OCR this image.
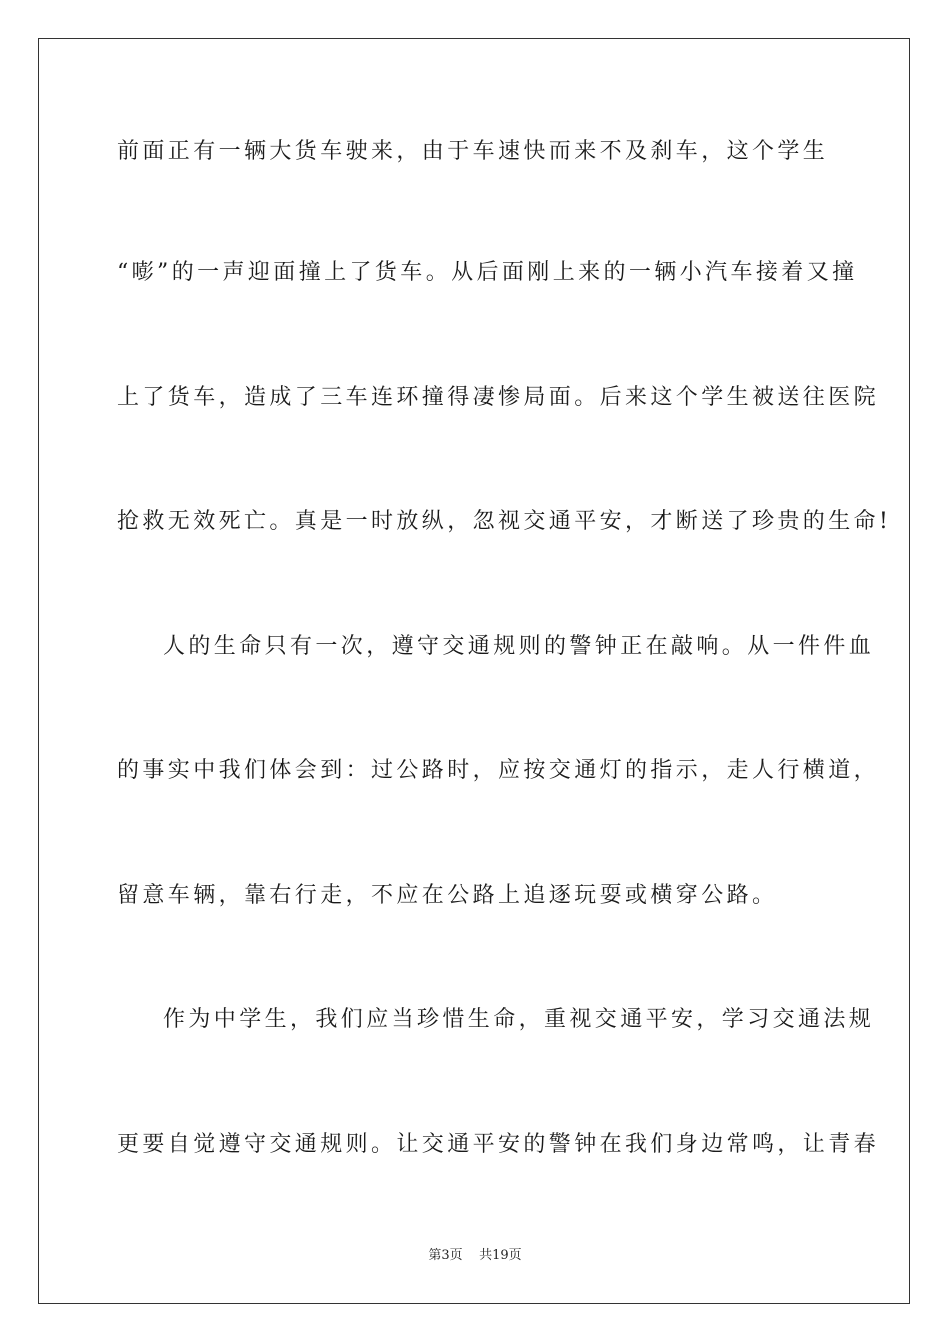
前面正有一辆大货车驶来，由于车速快而来不及刹车，这个学生
“嘭”的一声迎面撞上了货车。从后面刚上来的一辆小汽车接着又撞
上了货车，造成了三车连环撞得凄惨局面。后来这个学生被送往医院
抢救无效死亡。真是一时放纵，忽视交通平安，才断送了珍贵的生命!
人的生命只有一次，遵守交通规则的警钟正在敲响。从一件件血
的事实中我们体会到：过公路时，应按交通灯的指示，走人行横道，
留意车辆，靠右行走，不应在公路上追逐玩耍或横穿公路。
作为中学生，我们应当珍惜生命，重视交通平安，学习交通法规
更要自觉遵守交通规则。让交通平安的警钟在我们身边常鸣，让青春
第3页 共19页
